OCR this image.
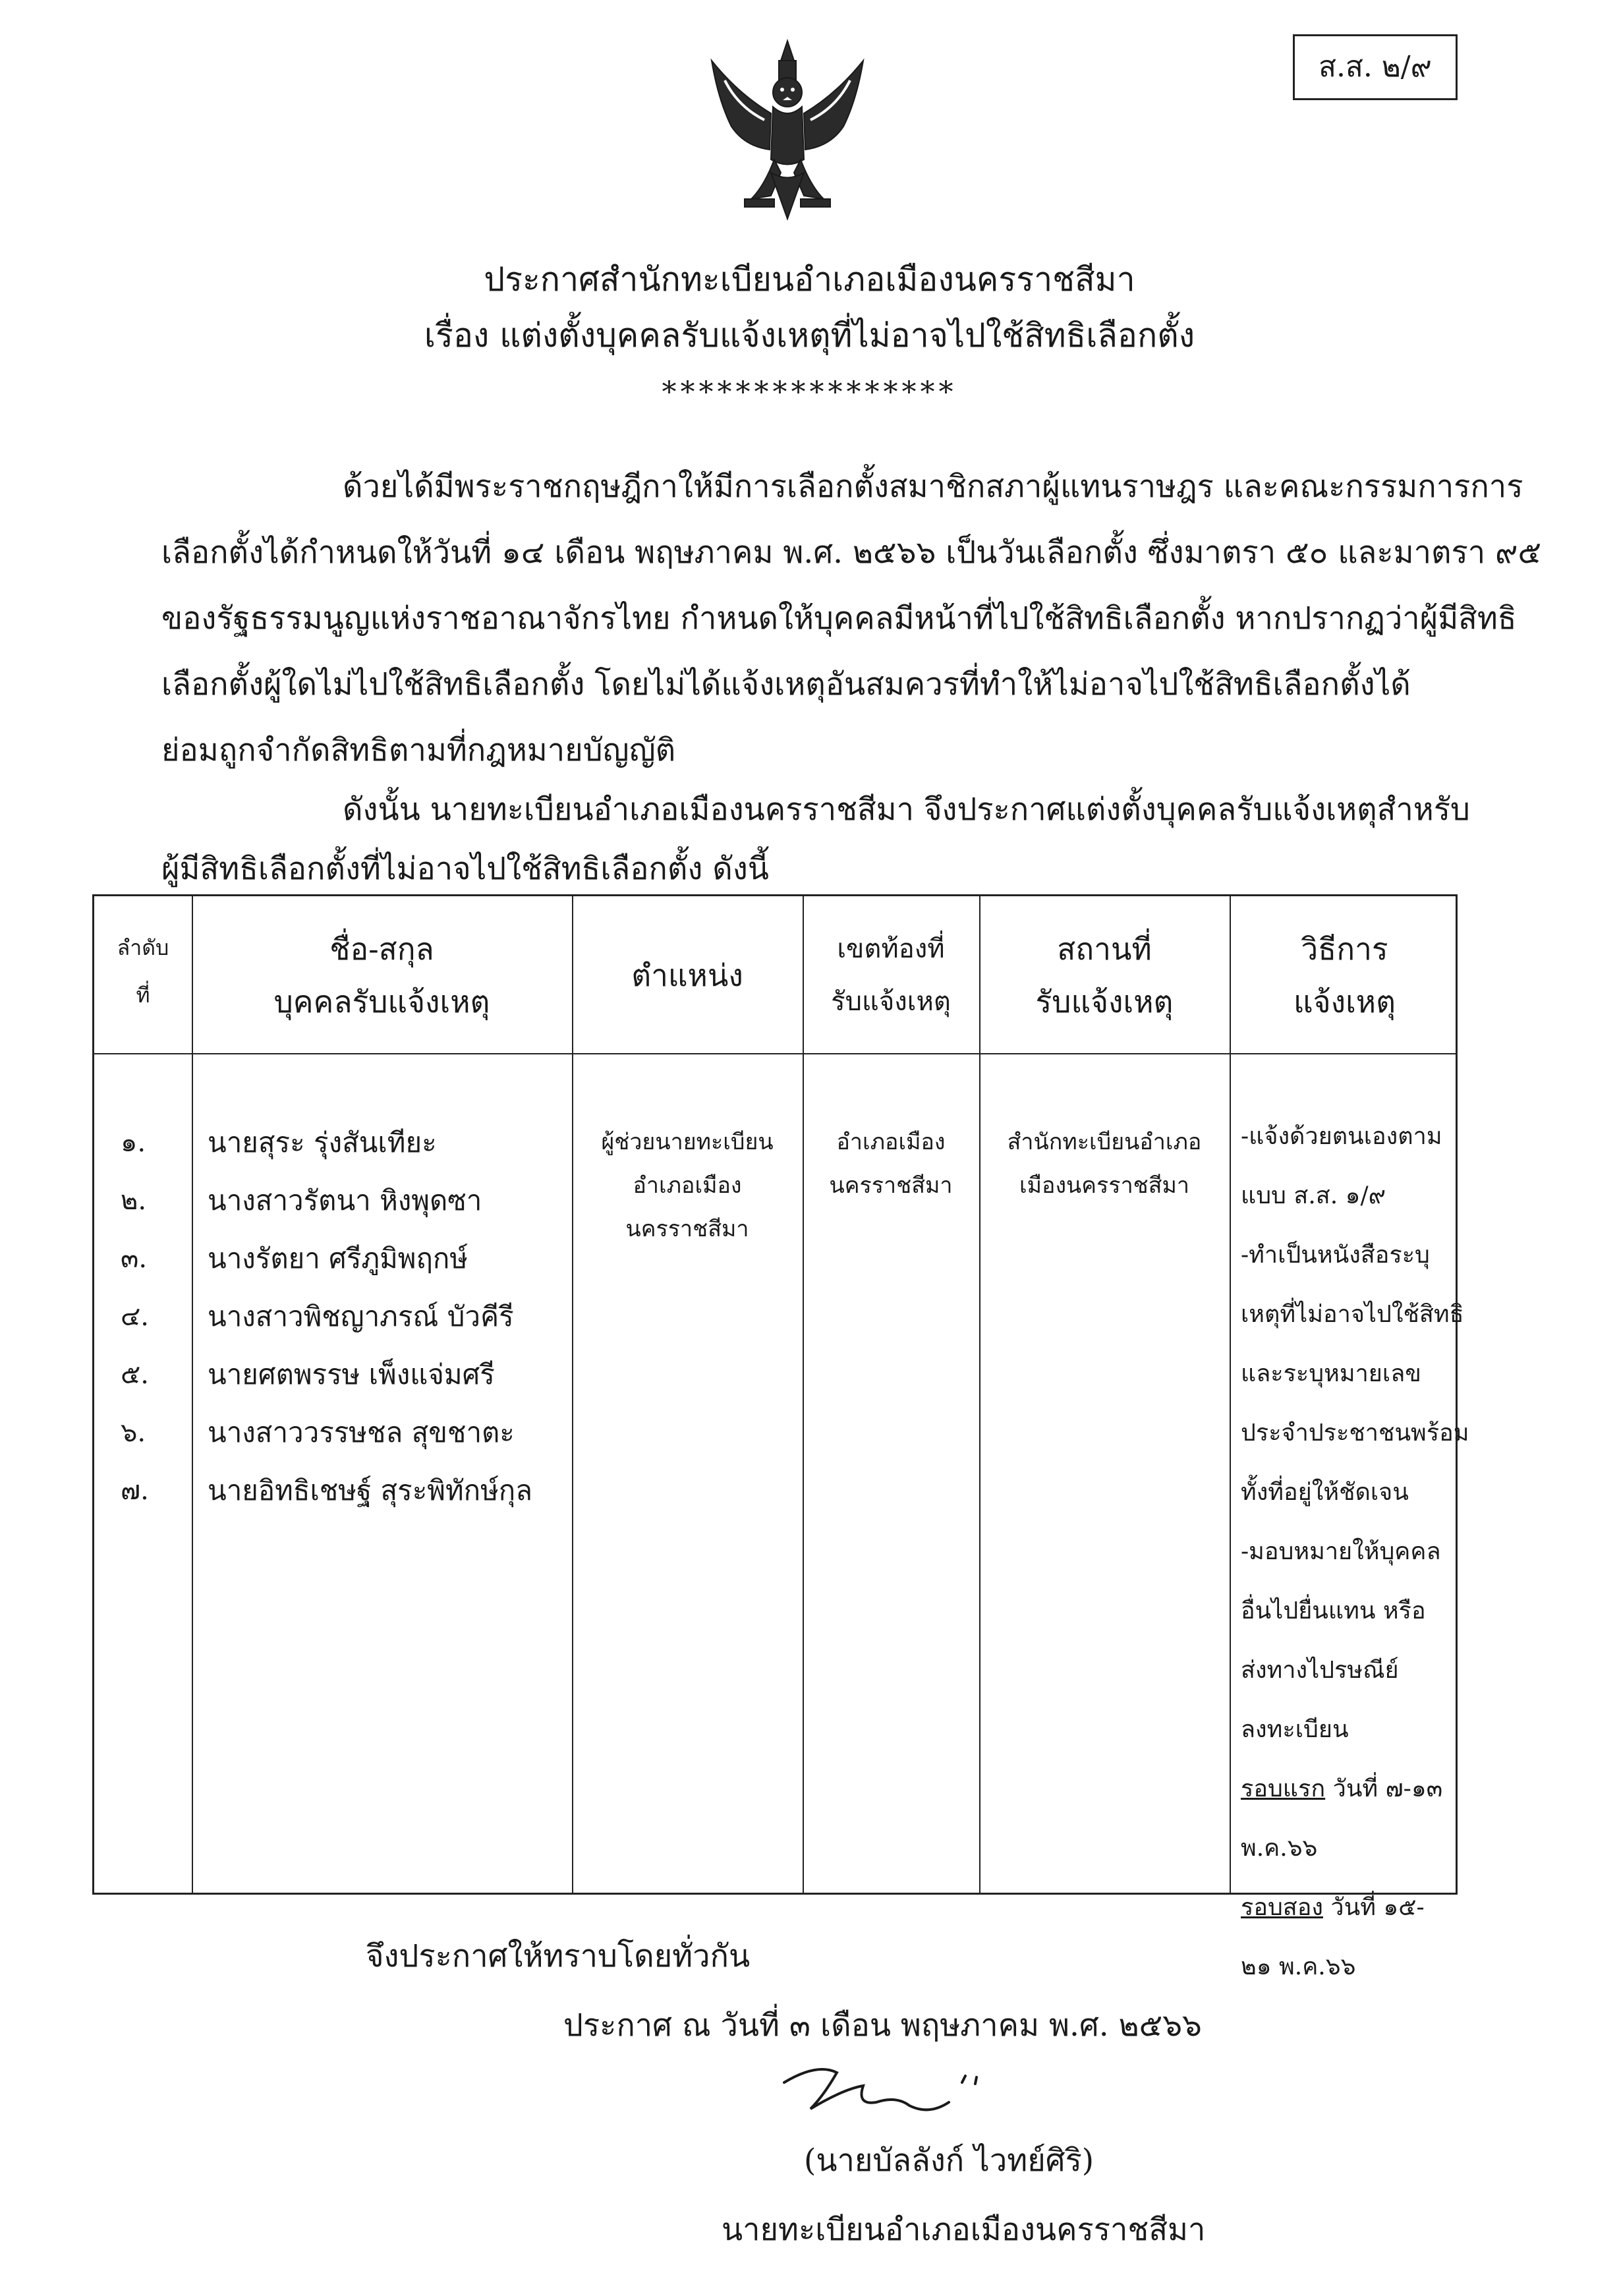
ส.ส. ๒/๙
ประกาศสำนักทะเบียนอำเภอเมืองนครราชสีมา
เรื่อง แต่งตั้งบุคคลรับแจ้งเหตุที่ไม่อาจไปใช้สิทธิเลือกตั้ง
****************
ด้วยได้มีพระราชกฤษฎีกาให้มีการเลือกตั้งสมาชิกสภาผู้แทนราษฎร และคณะกรรมการการ
เลือกตั้งได้กำหนดให้วันที่ ๑๔ เดือน พฤษภาคม พ.ศ. ๒๕๖๖ เป็นวันเลือกตั้ง ซึ่งมาตรา ๕๐ และมาตรา ๙๕
ของรัฐธรรมนูญแห่งราชอาณาจักรไทย กำหนดให้บุคคลมีหน้าที่ไปใช้สิทธิเลือกตั้ง หากปรากฏว่าผู้มีสิทธิ
เลือกตั้งผู้ใดไม่ไปใช้สิทธิเลือกตั้ง โดยไม่ได้แจ้งเหตุอันสมควรที่ทำให้ไม่อาจไปใช้สิทธิเลือกตั้งได้
ย่อมถูกจำกัดสิทธิตามที่กฎหมายบัญญัติ
ดังนั้น นายทะเบียนอำเภอเมืองนครราชสีมา จึงประกาศแต่งตั้งบุคคลรับแจ้งเหตุสำหรับ
ผู้มีสิทธิเลือกตั้งที่ไม่อาจไปใช้สิทธิเลือกตั้ง ดังนี้
ลำดับ
ที่
ชื่อ-สกุล
บุคคลรับแจ้งเหตุ
ตำแหน่ง
เขตท้องที่
รับแจ้งเหตุ
สถานที่
รับแจ้งเหตุ
วิธีการ
แจ้งเหตุ
๑.
๒.
๓.
๔.
๕.
๖.
๗.
นายสุระ รุ่งสันเทียะ
นางสาวรัตนา หิงพุดซา
นางรัตยา ศรีภูมิพฤกษ์
นางสาวพิชญาภรณ์ บัวคีรี
นายศตพรรษ เพ็งแจ่มศรี
นางสาววรรษชล สุขชาตะ
นายอิทธิเชษฐ์ สุระพิทักษ์กุล
ผู้ช่วยนายทะเบียน
อำเภอเมือง
นครราชสีมา
อำเภอเมือง
นครราชสีมา
สำนักทะเบียนอำเภอ
เมืองนครราชสีมา
-แจ้งด้วยตนเองตาม
แบบ ส.ส. ๑/๙
-ทำเป็นหนังสือระบุ
เหตุที่ไม่อาจไปใช้สิทธิ
และระบุหมายเลข
ประจำประชาชนพร้อม
ทั้งที่อยู่ให้ชัดเจน
-มอบหมายให้บุคคล
อื่นไปยื่นแทน หรือ
ส่งทางไปรษณีย์
ลงทะเบียน
รอบแรก วันที่ ๗-๑๓
พ.ค.๖๖
รอบสอง วันที่ ๑๕-
๒๑ พ.ค.๖๖
จึงประกาศให้ทราบโดยทั่วกัน
ประกาศ ณ วันที่ ๓ เดือน พฤษภาคม พ.ศ. ๒๕๖๖
(นายบัลลังก์ ไวทย์ศิริ)
นายทะเบียนอำเภอเมืองนครราชสีมา
